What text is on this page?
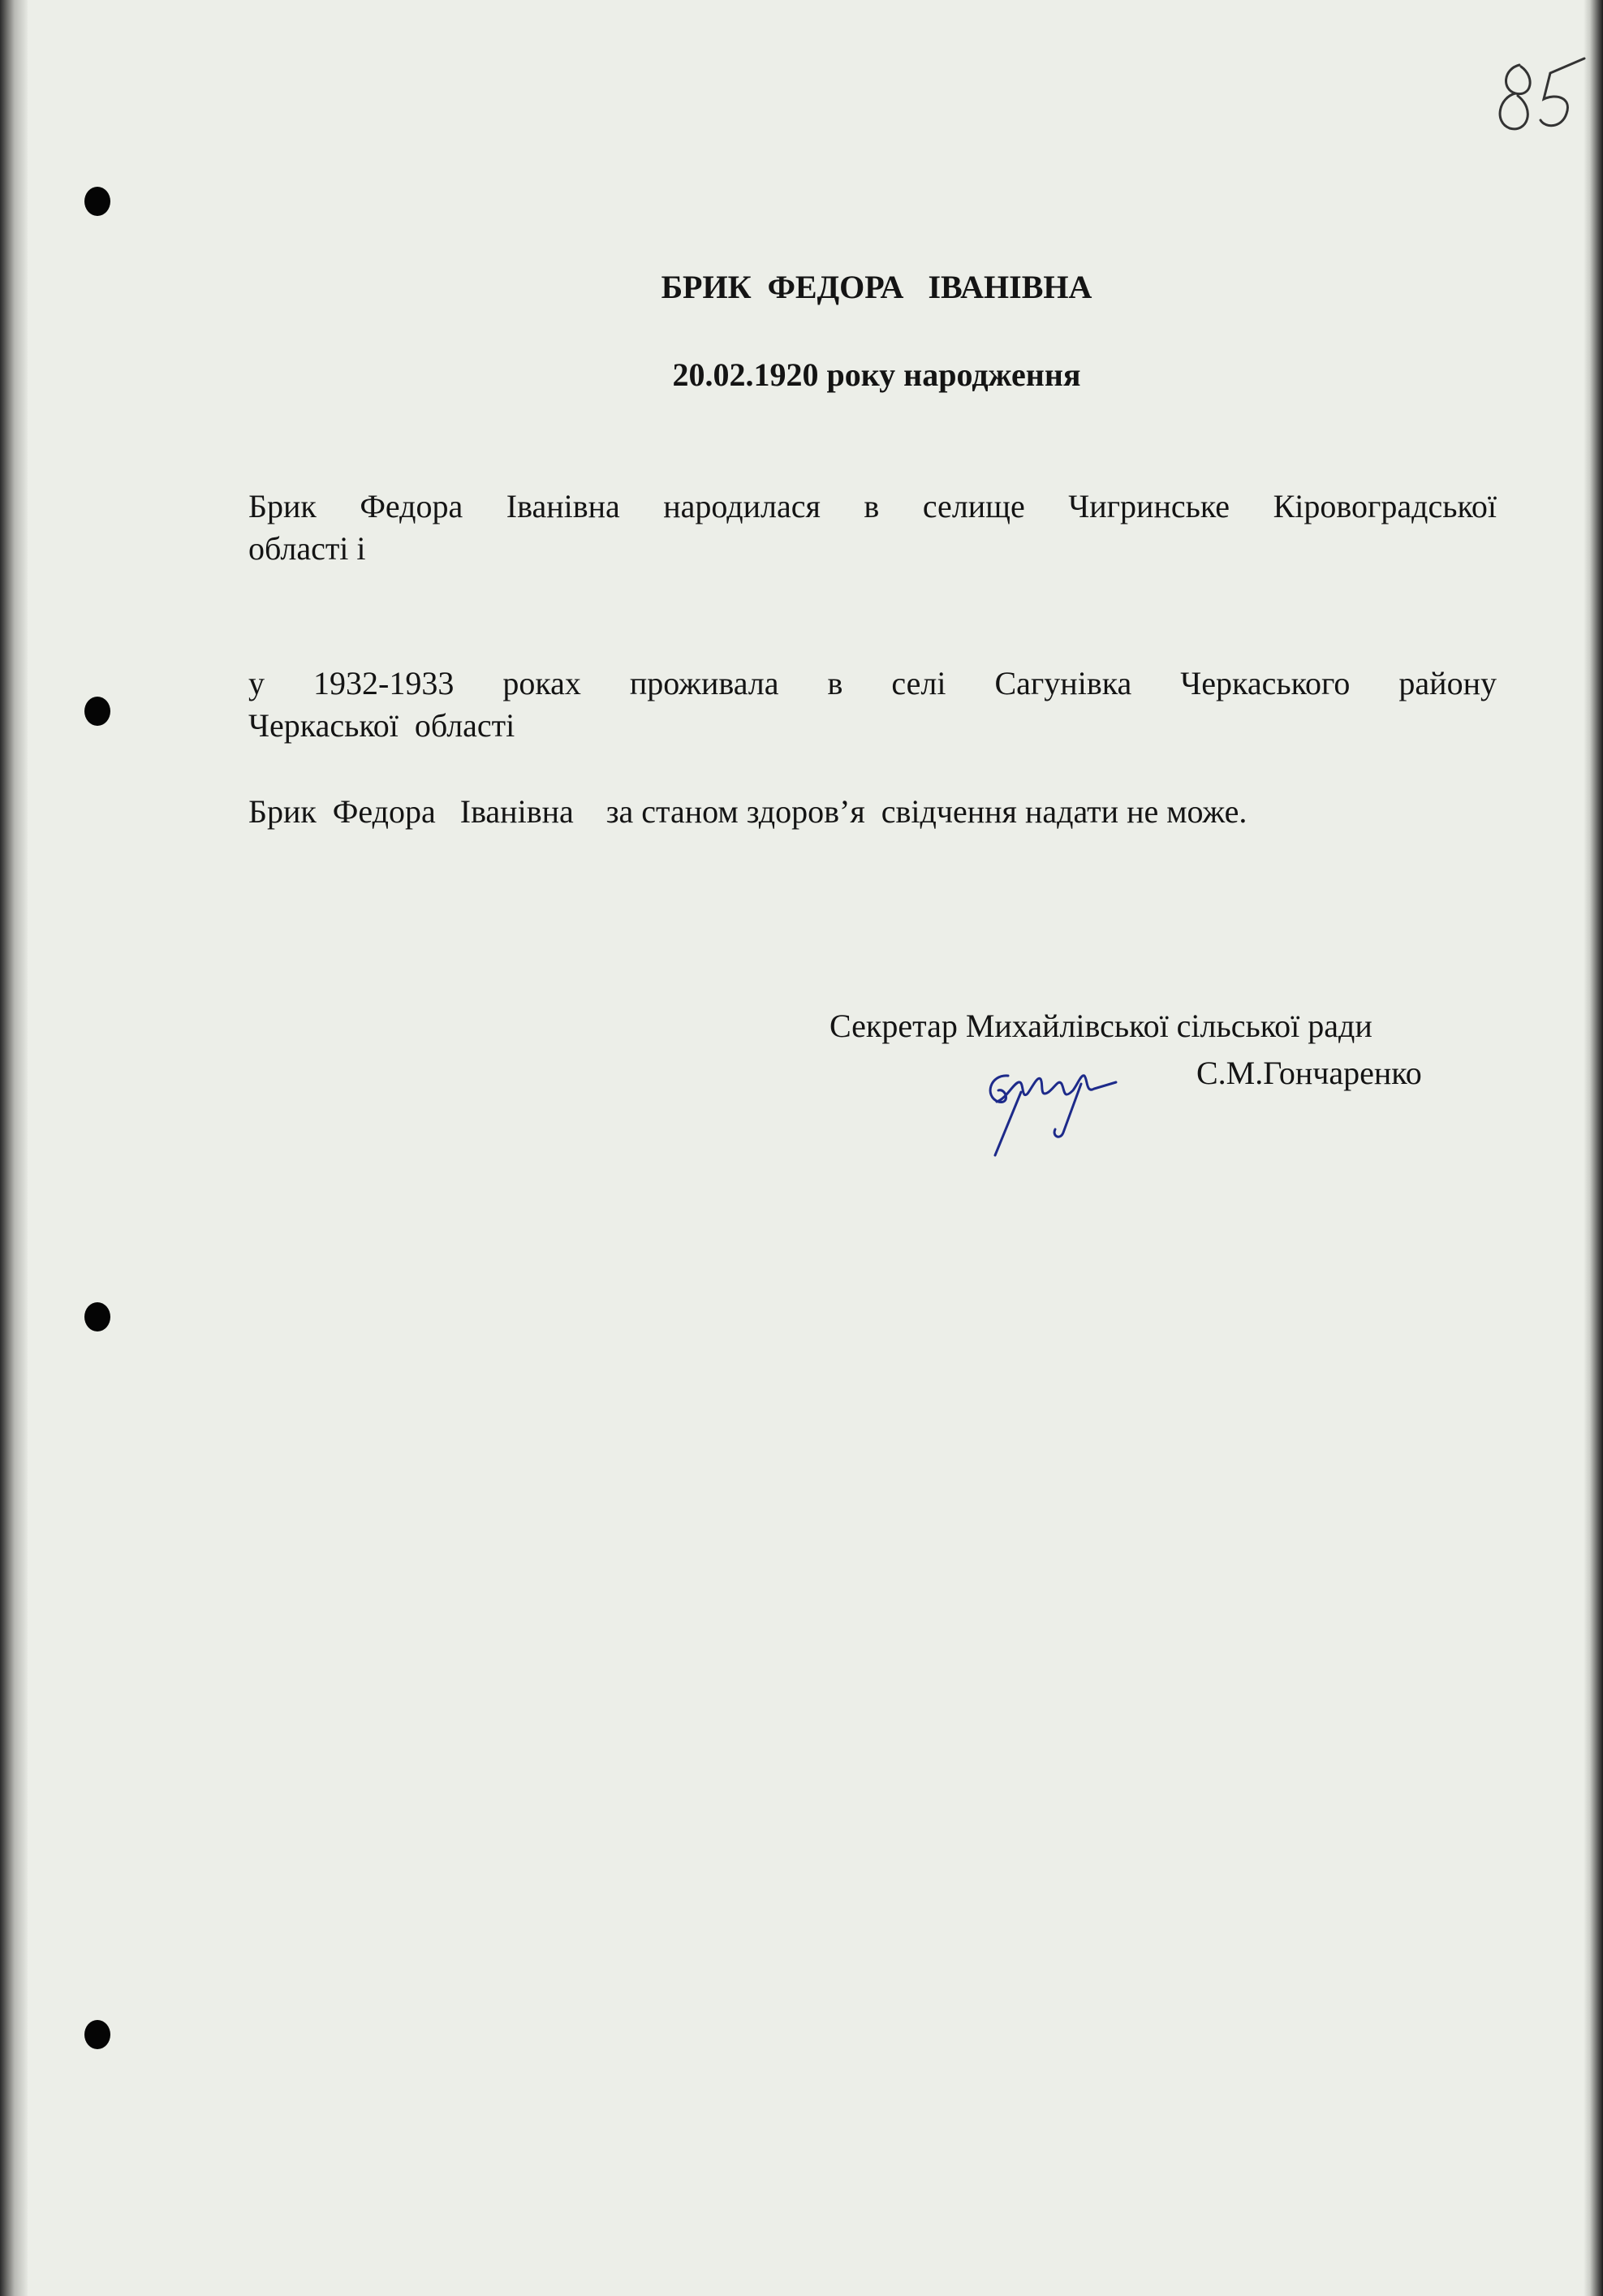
БРИК  ФЕДОРА   ІВАНІВНА
20.02.1920 року народження
Брик Федора Іванівна народилася в селище Чигринське Кіровоградської
області і
у 1932-1933 роках проживала в селі Сагунівка Черкаського району
Черкаської  області
Брик  Федора   Іванівна    за станом здоров’я  свідчення надати не може.
Секретар Михайлівської сільської ради
С.М.Гончаренко
